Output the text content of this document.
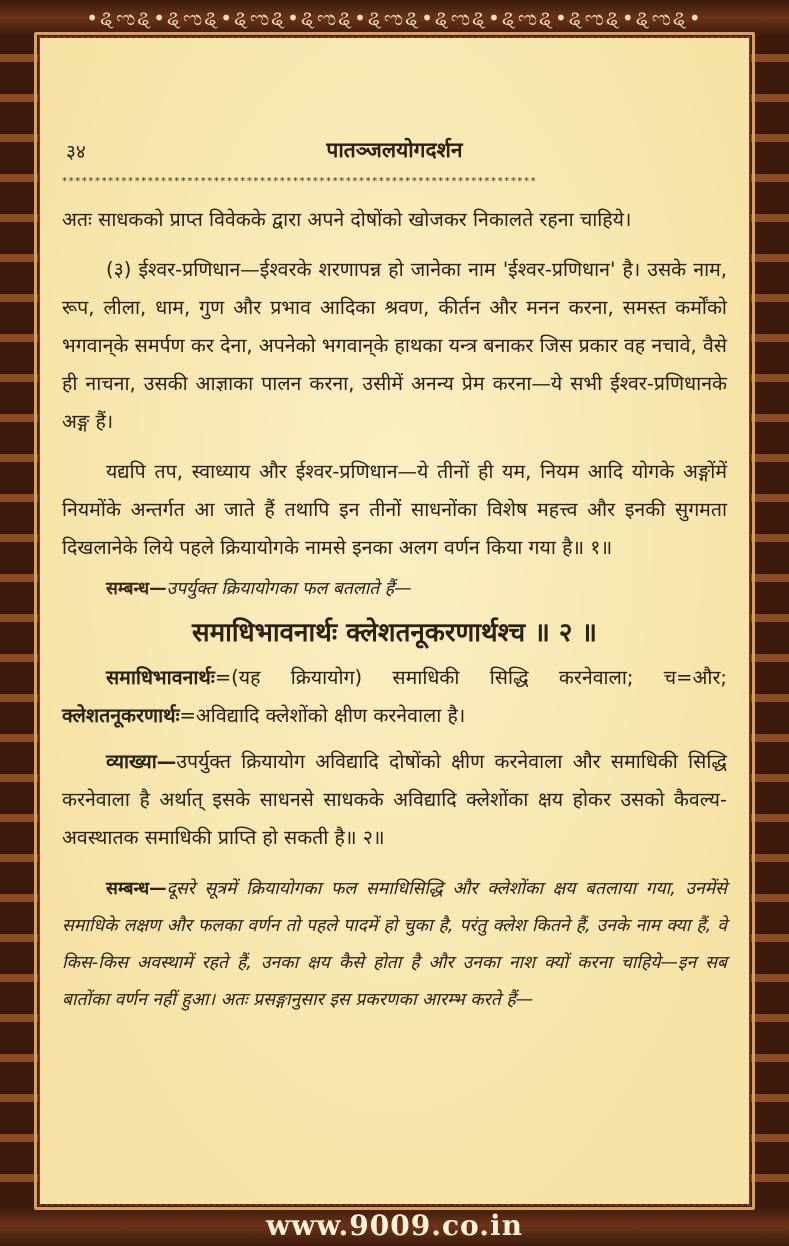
•ୡಌୡ•ୡಌୡ•ୡಌୡ•ୡಌୡ•ୡಌୡ•ୡಌୡ•ୡಌୡ•ୡಌୡ•ୡಌୡ•
www.9009.co.in
३४	पातञ्जलयोगदर्शन
************************************************************************

अतः साधकको प्राप्त विवेकके द्वारा अपने दोषोंको खोजकर निकालते रहना चाहिये।

(३) ईश्वर-प्रणिधान—ईश्वरके शरणापन्न हो जानेका नाम 'ईश्वर-प्रणिधान' है। उसके नाम, रूप, लीला, धाम, गुण और प्रभाव आदिका श्रवण, कीर्तन और मनन करना, समस्त कर्मोंको भगवान्‌के समर्पण कर देना, अपनेको भगवान्‌के हाथका यन्त्र बनाकर जिस प्रकार वह नचावे, वैसे ही नाचना, उसकी आज्ञाका पालन करना, उसीमें अनन्य प्रेम करना—ये सभी ईश्वर-प्रणिधानके अङ्ग हैं।

यद्यपि तप, स्वाध्याय और ईश्वर-प्रणिधान—ये तीनों ही यम, नियम आदि योगके अङ्गोंमें नियमोंके अन्तर्गत आ जाते हैं तथापि इन तीनों साधनोंका विशेष महत्त्व और इनकी सुगमता दिखलानेके लिये पहले क्रियायोगके नामसे इनका अलग वर्णन किया गया है॥ १॥

सम्बन्ध—उपर्युक्त क्रियायोगका फल बतलाते हैं—

समाधिभावनार्थः क्लेशतनूकरणार्थश्च ॥ २ ॥

समाधिभावनार्थः=(यह क्रियायोग) समाधिकी सिद्धि करनेवाला; च=और; क्लेशतनूकरणार्थः=अविद्यादि क्लेशोंको क्षीण करनेवाला है।

व्याख्या—उपर्युक्त क्रियायोग अविद्यादि दोषोंको क्षीण करनेवाला और समाधिकी सिद्धि करनेवाला है अर्थात् इसके साधनसे साधकके अविद्यादि क्लेशोंका क्षय होकर उसको कैवल्य-अवस्थातक समाधिकी प्राप्ति हो सकती है॥ २॥

सम्बन्ध—दूसरे सूत्रमें क्रियायोगका फल समाधिसिद्धि और क्लेशोंका क्षय बतलाया गया, उनमेंसे समाधिके लक्षण और फलका वर्णन तो पहले पादमें हो चुका है, परंतु क्लेश कितने हैं, उनके नाम क्या हैं, वे किस-किस अवस्थामें रहते हैं, उनका क्षय कैसे होता है और उनका नाश क्यों करना चाहिये—इन सब बातोंका वर्णन नहीं हुआ। अतः प्रसङ्गानुसार इस प्रकरणका आरम्भ करते हैं—
